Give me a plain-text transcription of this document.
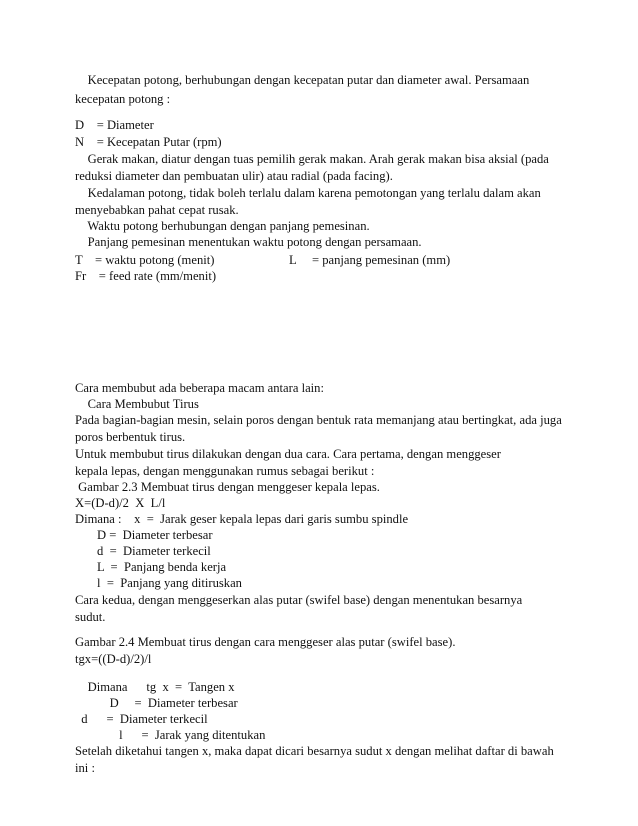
Kecepatan potong, berhubungan dengan kecepatan putar dan diameter awal. Persamaan
kecepatan potong :
D    = Diameter
N    = Kecepatan Putar (rpm)
Gerak makan, diatur dengan tuas pemilih gerak makan. Arah gerak makan bisa aksial (pada
reduksi diameter dan pembuatan ulir) atau radial (pada facing).
Kedalaman potong, tidak boleh terlalu dalam karena pemotongan yang terlalu dalam akan
menyebabkan pahat cepat rusak.
Waktu potong berhubungan dengan panjang pemesinan.
Panjang pemesinan menentukan waktu potong dengan persamaan.
T    = waktu potong (menit)	L     = panjang pemesinan (mm)
Fr    = feed rate (mm/menit)
Cara membubut ada beberapa macam antara lain:
Cara Membubut Tirus
Pada bagian-bagian mesin, selain poros dengan bentuk rata memanjang atau bertingkat, ada juga
poros berbentuk tirus.
Untuk membubut tirus dilakukan dengan dua cara. Cara pertama, dengan menggeser
kepala lepas, dengan menggunakan rumus sebagai berikut :
Gambar 2.3 Membuat tirus dengan menggeser kepala lepas.
X=(D-d)/2  X  L/l
Dimana :    x  =  Jarak geser kepala lepas dari garis sumbu spindle
D =  Diameter terbesar
d  =  Diameter terkecil
L  =  Panjang benda kerja
l  =  Panjang yang ditiruskan
Cara kedua, dengan menggeserkan alas putar (swifel base) dengan menentukan besarnya
sudut.
Gambar 2.4 Membuat tirus dengan cara menggeser alas putar (swifel base).
tgx=((D-d)/2)/l
Dimana      tg  x  =  Tangen x
D     =  Diameter terbesar
d      =  Diameter terkecil
l      =  Jarak yang ditentukan
Setelah diketahui tangen x, maka dapat dicari besarnya sudut x dengan melihat daftar di bawah
ini :
